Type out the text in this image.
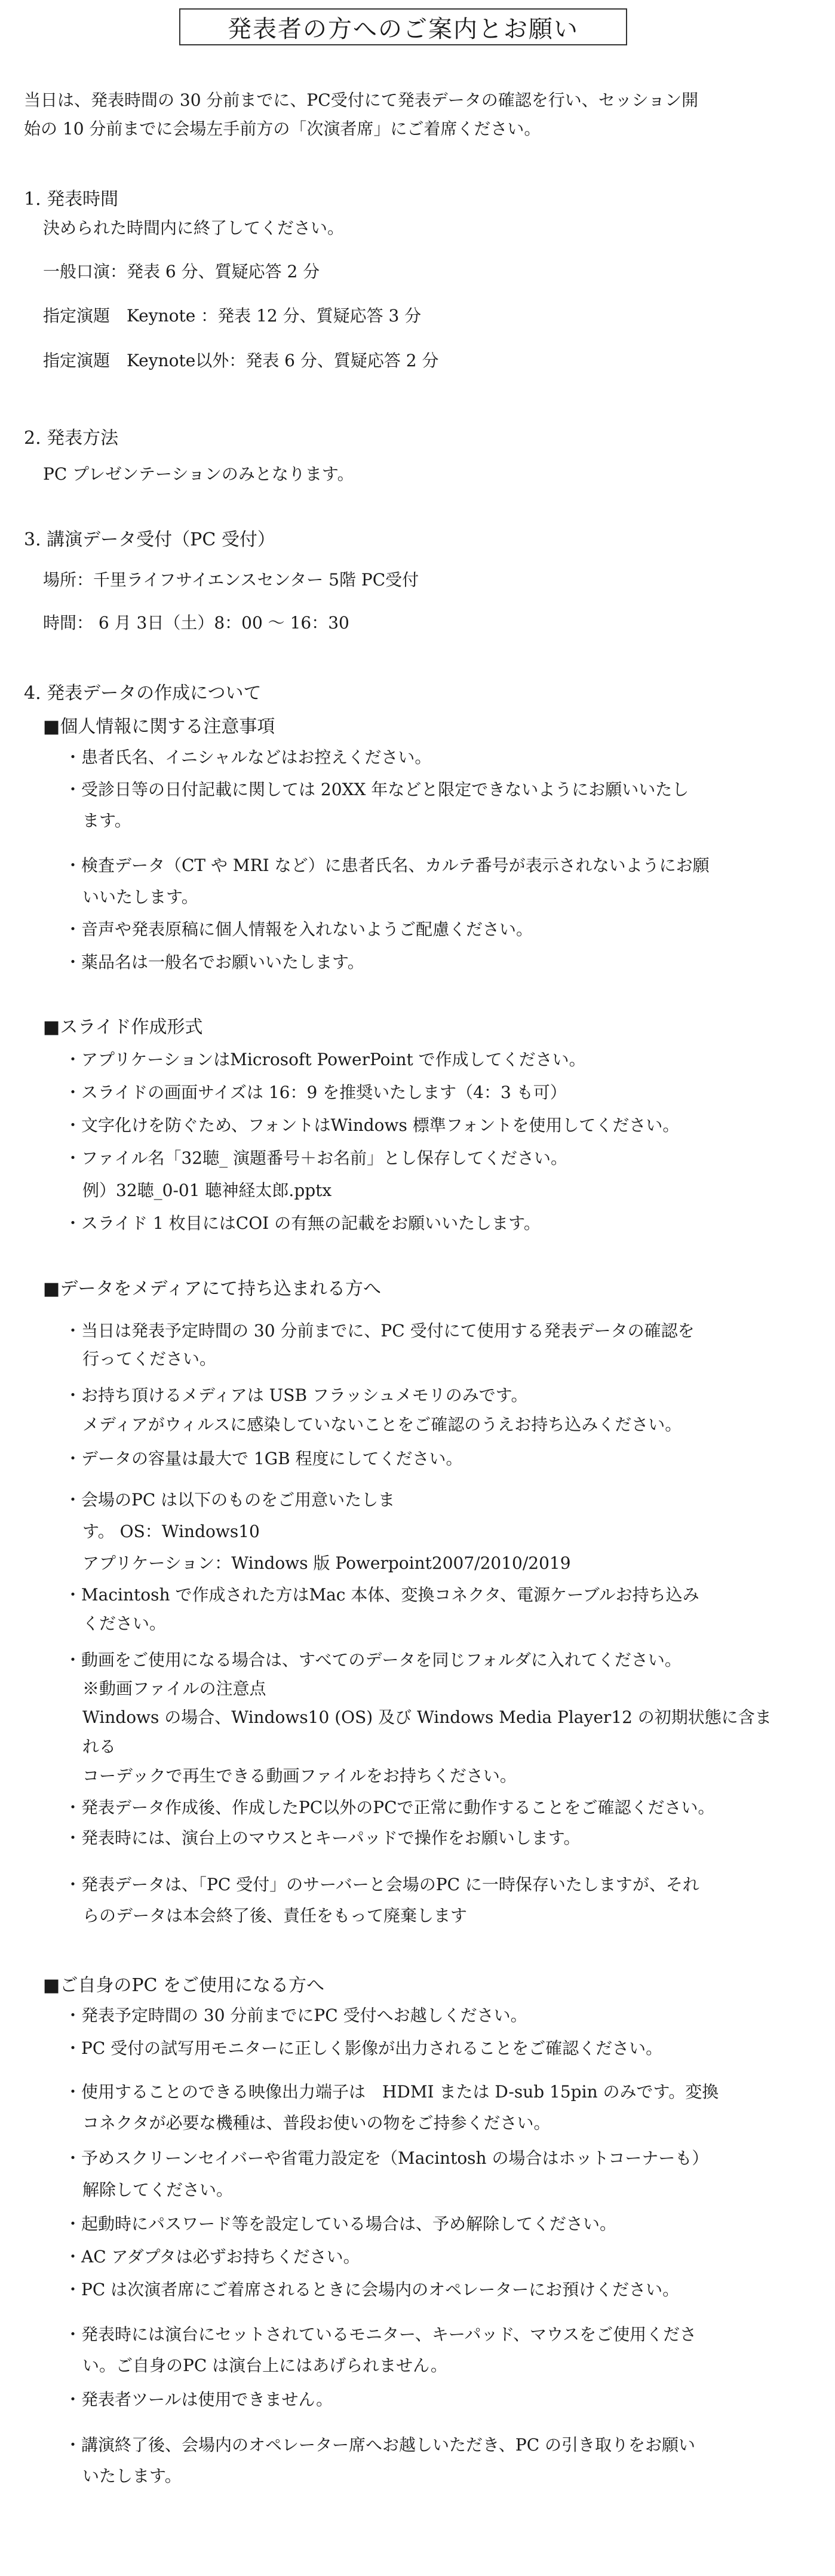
発表者の方へのご案内とお願い
当日は、発表時間の 30 分前までに、PC受付にて発表データの確認を行い、セッション開
始の 10 分前までに会場左手前方の「次演者席」にご着席ください。
1. 発表時間
決められた時間内に終了してください。
一般口演：発表 6 分、質疑応答 2 分
指定演題　Keynote ：発表 12 分、質疑応答 3 分
指定演題　Keynote以外：発表 6 分、質疑応答 2 分
2. 発表方法
PC プレゼンテーションのみとなります。
3. 講演データ受付（PC 受付）
場所：千里ライフサイエンスセンター 5階 PC受付
時間： 6 月 3日（土）8：00 〜 16：30
4. 発表データの作成について
■個人情報に関する注意事項
・患者氏名、イニシャルなどはお控えください。
・受診日等の日付記載に関しては 20XX 年などと限定できないようにお願いいたし
ます。
・検査データ（CT や MRI など）に患者氏名、カルテ番号が表示されないようにお願
いいたします。
・音声や発表原稿に個人情報を入れないようご配慮ください。
・薬品名は一般名でお願いいたします。
■スライド作成形式
・アプリケーションはMicrosoft PowerPoint で作成してください。
・スライドの画面サイズは 16：9 を推奨いたします（4：3 も可）
・文字化けを防ぐため、フォントはWindows 標準フォントを使用してください。
・ファイル名「32聴_ 演題番号＋お名前」とし保存してください。
例）32聴_0-01 聴神経太郎.pptx
・スライド 1 枚目にはCOI の有無の記載をお願いいたします。
■データをメディアにて持ち込まれる方へ
・当日は発表予定時間の 30 分前までに、PC 受付にて使用する発表データの確認を
行ってください。
・お持ち頂けるメディアは USB フラッシュメモリのみです。
メディアがウィルスに感染していないことをご確認のうえお持ち込みください。
・データの容量は最大で 1GB 程度にしてください。
・会場のPC は以下のものをご用意いたしま
す。 OS：Windows10
アプリケーション：Windows 版 Powerpoint2007/2010/2019
・Macintosh で作成された方はMac 本体、変換コネクタ、電源ケーブルお持ち込み
ください。
・動画をご使用になる場合は、すべてのデータを同じフォルダに入れてください。
※動画ファイルの注意点
Windows の場合、Windows10 (OS) 及び Windows Media Player12 の初期状態に含ま
れる
コーデックで再生できる動画ファイルをお持ちください。
・発表データ作成後、作成したPC以外のPCで正常に動作することをご確認ください。
・発表時には、演台上のマウスとキーパッドで操作をお願いします。
・発表データは、「PC 受付」のサーバーと会場のPC に一時保存いたしますが、それ
らのデータは本会終了後、責任をもって廃棄します
■ご自身のPC をご使用になる方へ
・発表予定時間の 30 分前までにPC 受付へお越しください。
・PC 受付の試写用モニターに正しく影像が出力されることをご確認ください。
・使用することのできる映像出力端子は　HDMI または D-sub 15pin のみです。変換
コネクタが必要な機種は、普段お使いの物をご持参ください。
・予めスクリーンセイバーや省電力設定を（Macintosh の場合はホットコーナーも）
解除してください。
・起動時にパスワード等を設定している場合は、予め解除してください。
・AC アダプタは必ずお持ちください。
・PC は次演者席にご着席されるときに会場内のオペレーターにお預けください。
・発表時には演台にセットされているモニター、キーパッド、マウスをご使用くださ
い。ご自身のPC は演台上にはあげられません。
・発表者ツールは使用できません。
・講演終了後、会場内のオペレーター席へお越しいただき、PC の引き取りをお願い
いたします。
